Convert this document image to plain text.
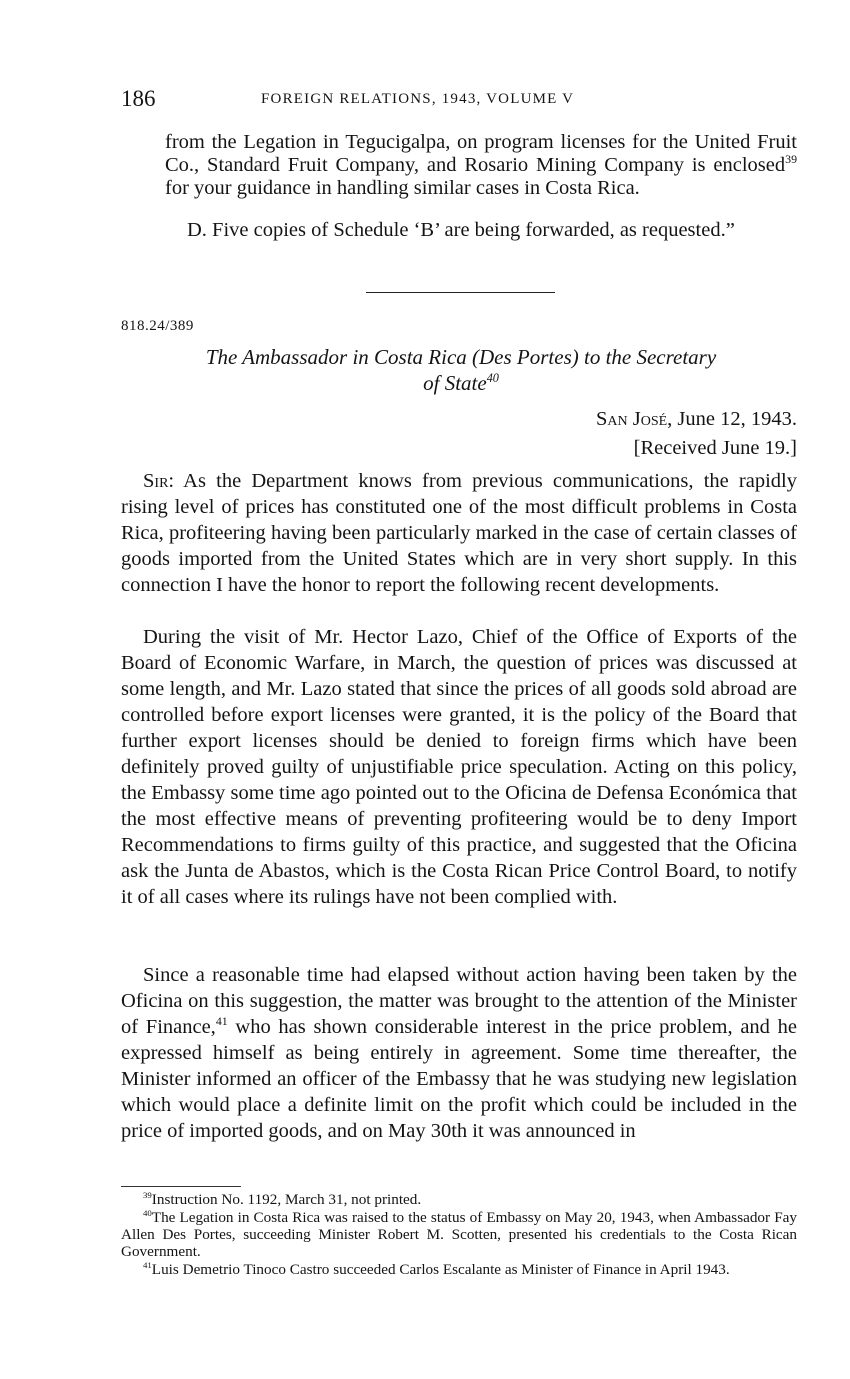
186	FOREIGN RELATIONS, 1943, VOLUME V

from the Legation in Tegucigalpa, on program licenses for the United Fruit Co., Standard Fruit Company, and Rosario Mining Company is enclosed$^{39}$ for your guidance in handling similar cases in Costa Rica.

D. Five copies of Schedule ‘B’ are being forwarded, as requested.”

818.24/389

The Ambassador in Costa Rica (Des Portes) to the Secretary
of State$^{40}$

San José, June 12, 1943.
[Received June 19.]

Sir: As the Department knows from previous communications, the rapidly rising level of prices has constituted one of the most difficult problems in Costa Rica, profiteering having been particularly marked in the case of certain classes of goods imported from the United States which are in very short supply. In this connection I have the honor to report the following recent developments.

During the visit of Mr. Hector Lazo, Chief of the Office of Exports of the Board of Economic Warfare, in March, the question of prices was discussed at some length, and Mr. Lazo stated that since the prices of all goods sold abroad are controlled before export licenses were granted, it is the policy of the Board that further export licenses should be denied to foreign firms which have been definitely proved guilty of unjustifiable price speculation. Acting on this policy, the Embassy some time ago pointed out to the Oficina de Defensa Económica that the most effective means of preventing profiteering would be to deny Import Recommendations to firms guilty of this practice, and suggested that the Oficina ask the Junta de Abastos, which is the Costa Rican Price Control Board, to notify it of all cases where its rulings have not been complied with.

Since a reasonable time had elapsed without action having been taken by the Oficina on this suggestion, the matter was brought to the attention of the Minister of Finance,$^{41}$ who has shown considerable interest in the price problem, and he expressed himself as being entirely in agreement. Some time thereafter, the Minister informed an officer of the Embassy that he was studying new legislation which would place a definite limit on the profit which could be included in the price of imported goods, and on May 30th it was announced in

$^{39}$Instruction No. 1192, March 31, not printed.

$^{40}$The Legation in Costa Rica was raised to the status of Embassy on May 20, 1943, when Ambassador Fay Allen Des Portes, succeeding Minister Robert M. Scotten, presented his credentials to the Costa Rican Government.

$^{41}$Luis Demetrio Tinoco Castro succeeded Carlos Escalante as Minister of Finance in April 1943.
